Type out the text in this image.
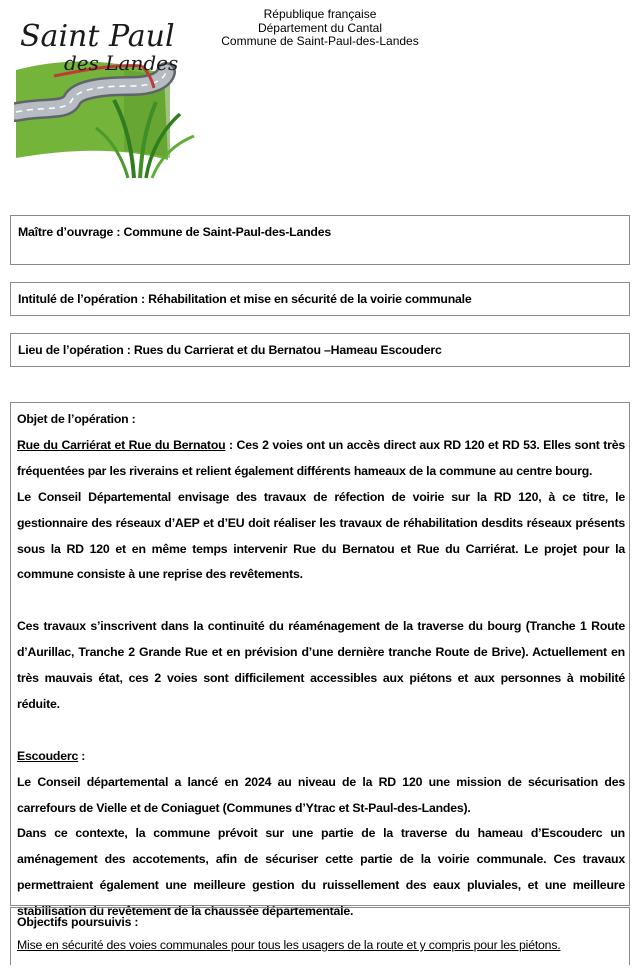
Saint Paul
des Landes
République française
Département du Cantal
Commune de Saint-Paul-des-Landes
Maître d’ouvrage : Commune de Saint-Paul-des-Landes
Intitulé de l’opération : Réhabilitation et mise en sécurité de la voirie communale
Lieu de l’opération : Rues du Carrierat et du Bernatou –Hameau Escouderc

Objet de l’opération :

Rue du Carriérat et Rue du Bernatou : Ces 2 voies ont un accès direct aux RD 120 et RD 53. Elles sont très fréquentées par les riverains et relient également différents hameaux de la commune au centre bourg.

Le Conseil Départemental envisage des travaux de réfection de voirie sur la RD 120, à ce titre, le gestionnaire des réseaux d’AEP et d’EU doit réaliser les travaux de réhabilitation desdits réseaux présents sous la RD 120 et en même temps intervenir Rue du Bernatou et Rue du Carriérat. Le projet pour la commune consiste à une reprise des revêtements.

Ces travaux s’inscrivent dans la continuité du réaménagement de la traverse du bourg (Tranche 1 Route d’Aurillac, Tranche 2 Grande Rue et en prévision d’une dernière tranche Route de Brive). Actuellement en très mauvais état, ces 2 voies sont difficilement accessibles aux piétons et aux personnes à mobilité réduite.

Escouderc :

Le Conseil départemental a lancé en 2024 au niveau de la RD 120 une mission de sécurisation des carrefours de Vielle et de Coniaguet (Communes d’Ytrac et St-Paul-des-Landes).

Dans ce contexte, la commune prévoit sur une partie de la traverse du hameau d’Escouderc un aménagement des accotements, afin de sécuriser cette partie de la voirie communale. Ces travaux permettraient également une meilleure gestion du ruissellement des eaux pluviales, et une meilleure stabilisation du revêtement de la chaussée départementale.

Objectifs poursuivis :

Mise en sécurité des voies communales pour tous les usagers de la route et y compris pour les piétons.
